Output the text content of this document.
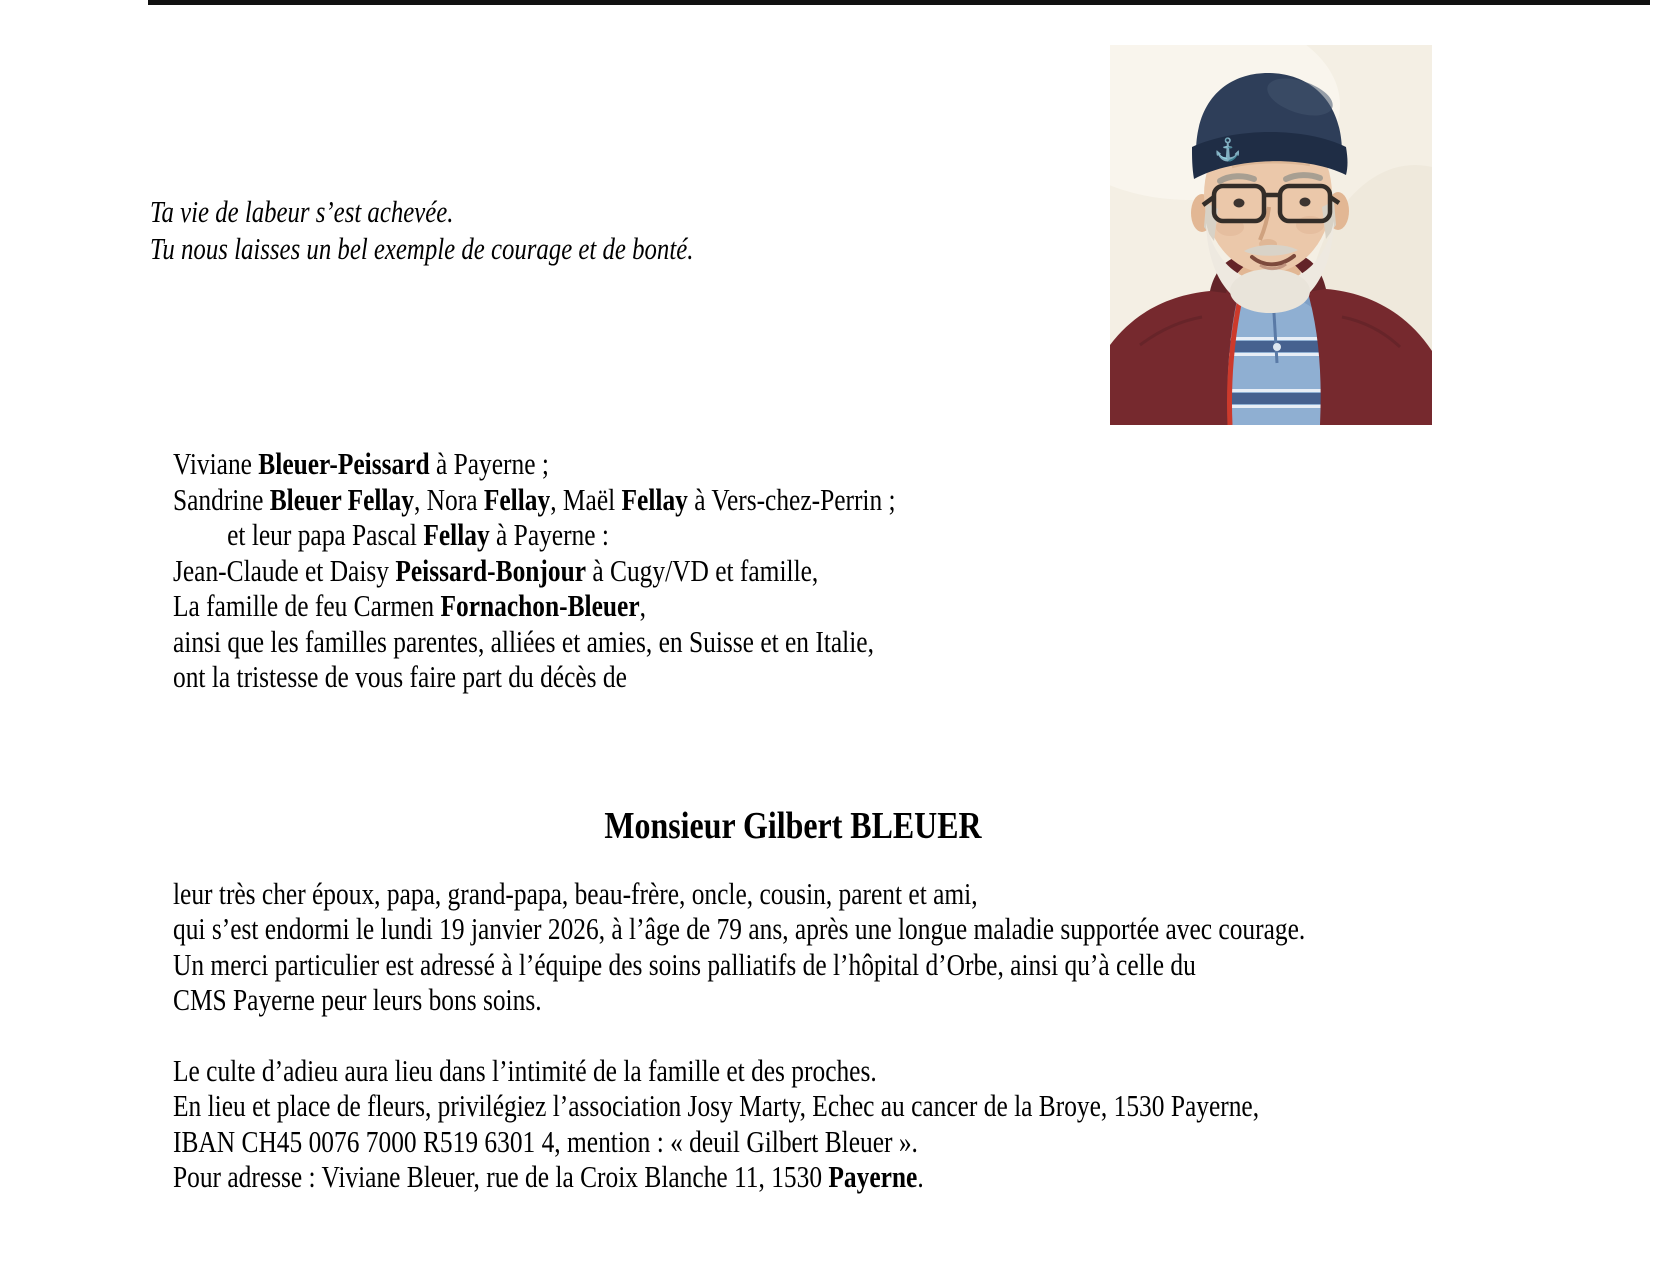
Ta vie de labeur s’est achevée.
Tu nous laisses un bel exemple de courage et de bonté.
⚓
Viviane Bleuer-Peissard à Payerne ;
Sandrine Bleuer Fellay, Nora Fellay, Maël Fellay à Vers-chez-Perrin ;
et leur papa Pascal Fellay à Payerne :
Jean-Claude et Daisy Peissard-Bonjour à Cugy/VD et famille,
La famille de feu Carmen Fornachon-Bleuer,
ainsi que les familles parentes, alliées et amies, en Suisse et en Italie,
ont la tristesse de vous faire part du décès de
Monsieur Gilbert BLEUER
leur très cher époux, papa, grand-papa, beau-frère, oncle, cousin, parent et ami,
qui s’est endormi le lundi 19 janvier 2026, à l’âge de 79 ans, après une longue maladie supportée avec courage.
Un merci particulier est adressé à l’équipe des soins palliatifs de l’hôpital d’Orbe, ainsi qu’à celle du
CMS Payerne peur leurs bons soins.
Le culte d’adieu aura lieu dans l’intimité de la famille et des proches.
En lieu et place de fleurs, privilégiez l’association Josy Marty, Echec au cancer de la Broye, 1530 Payerne,
IBAN CH45 0076 7000 R519 6301 4, mention : « deuil Gilbert Bleuer ».
Pour adresse : Viviane Bleuer, rue de la Croix Blanche 11, 1530 Payerne.
